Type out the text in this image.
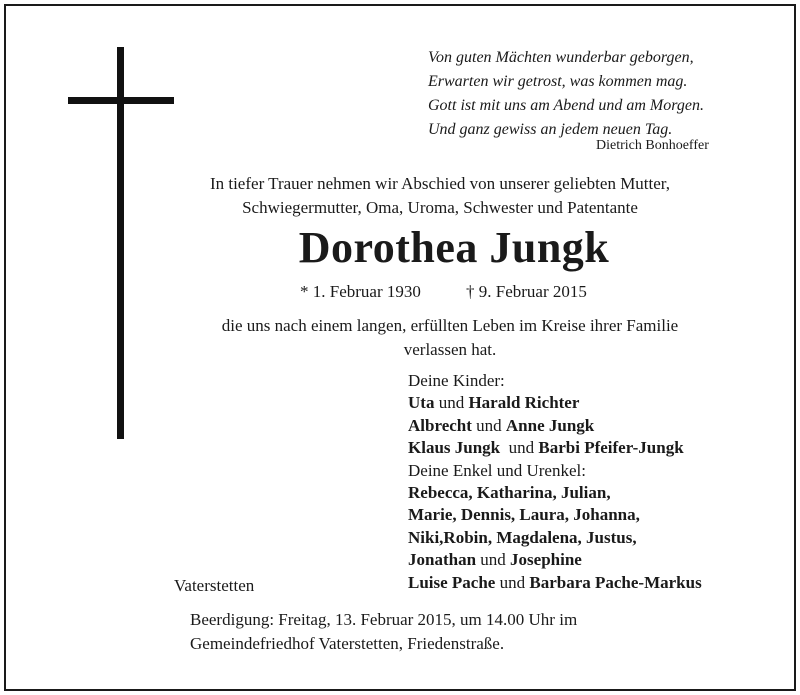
Von guten Mächten wunderbar geborgen,
Erwarten wir getrost, was kommen mag.
Gott ist mit uns am Abend und am Morgen.
Und ganz gewiss an jedem neuen Tag.
Dietrich Bonhoeffer
In tiefer Trauer nehmen wir Abschied von unserer geliebten Mutter,
Schwiegermutter, Oma, Uroma, Schwester und Patentante
Dorothea Jungk
* 1. Februar 1930	† 9. Februar 2015
die uns nach einem langen, erfüllten Leben im Kreise ihrer Familie
verlassen hat.
Deine Kinder:
Uta und Harald Richter
Albrecht und Anne Jungk
Klaus Jungk  und Barbi Pfeifer-Jungk
Deine Enkel und Urenkel:
Rebecca, Katharina, Julian,
Marie, Dennis, Laura, Johanna,
Niki,Robin, Magdalena, Justus,
Jonathan und Josephine
Luise Pache und Barbara Pache-Markus
Vaterstetten
Beerdigung: Freitag, 13. Februar 2015, um 14.00 Uhr im
Gemeindefriedhof Vaterstetten, Friedenstraße.
